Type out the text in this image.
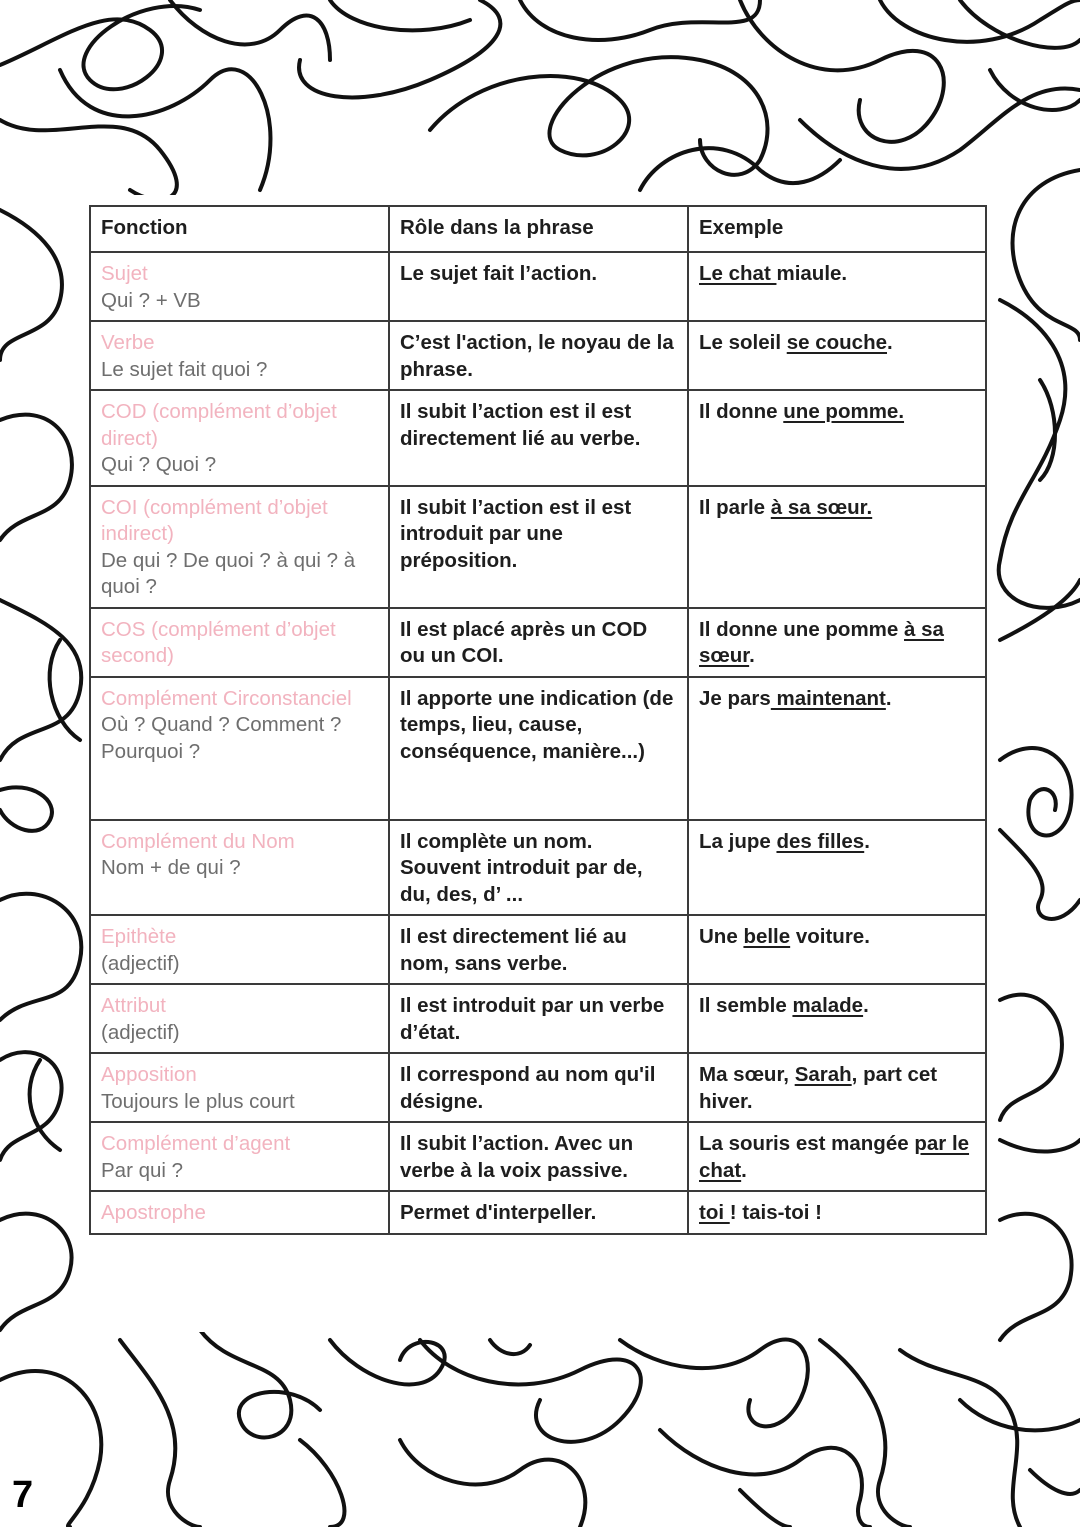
Fonction	Rôle dans la phrase	Exemple

Sujet
Qui ? + VB	Le sujet fait l’action.	Le chat miaule.

Verbe
Le sujet fait quoi ?	C’est l'action, le noyau de la phrase.	Le soleil se couche.

COD (complément d’objet direct)
Qui ? Quoi ?	Il subit l’action est il est directement lié au verbe.	Il donne une pomme.

COI (complément d’objet indirect)
De qui ? De quoi ? à qui ? à quoi ?	Il subit l’action est il est introduit par une préposition.	Il parle à sa sœur.

COS (complément d’objet second)	Il est placé après un COD ou un COI.	Il donne une pomme à sa sœur.

Complément Circonstanciel
Où ? Quand ? Comment ? Pourquoi ?	Il apporte une indication (de temps, lieu, cause, conséquence, manière...)	Je pars maintenant.

Complément du Nom
Nom + de qui ?	Il complète un nom. Souvent introduit par de, du, des, d’ ...	La jupe des filles.

Epithète
(adjectif)	Il est directement lié au nom, sans verbe.	Une belle voiture.

Attribut
(adjectif)	Il est introduit par un verbe d’état.	Il semble malade.

Apposition
Toujours le plus court	Il correspond au nom qu'il désigne.	Ma sœur, Sarah, part cet hiver.

Complément d’agent
Par qui ?	Il subit l’action. Avec un verbe à la voix passive.	La souris est mangée par le chat.

Apostrophe	Permet d'interpeller.	toi ! tais-toi !
7
